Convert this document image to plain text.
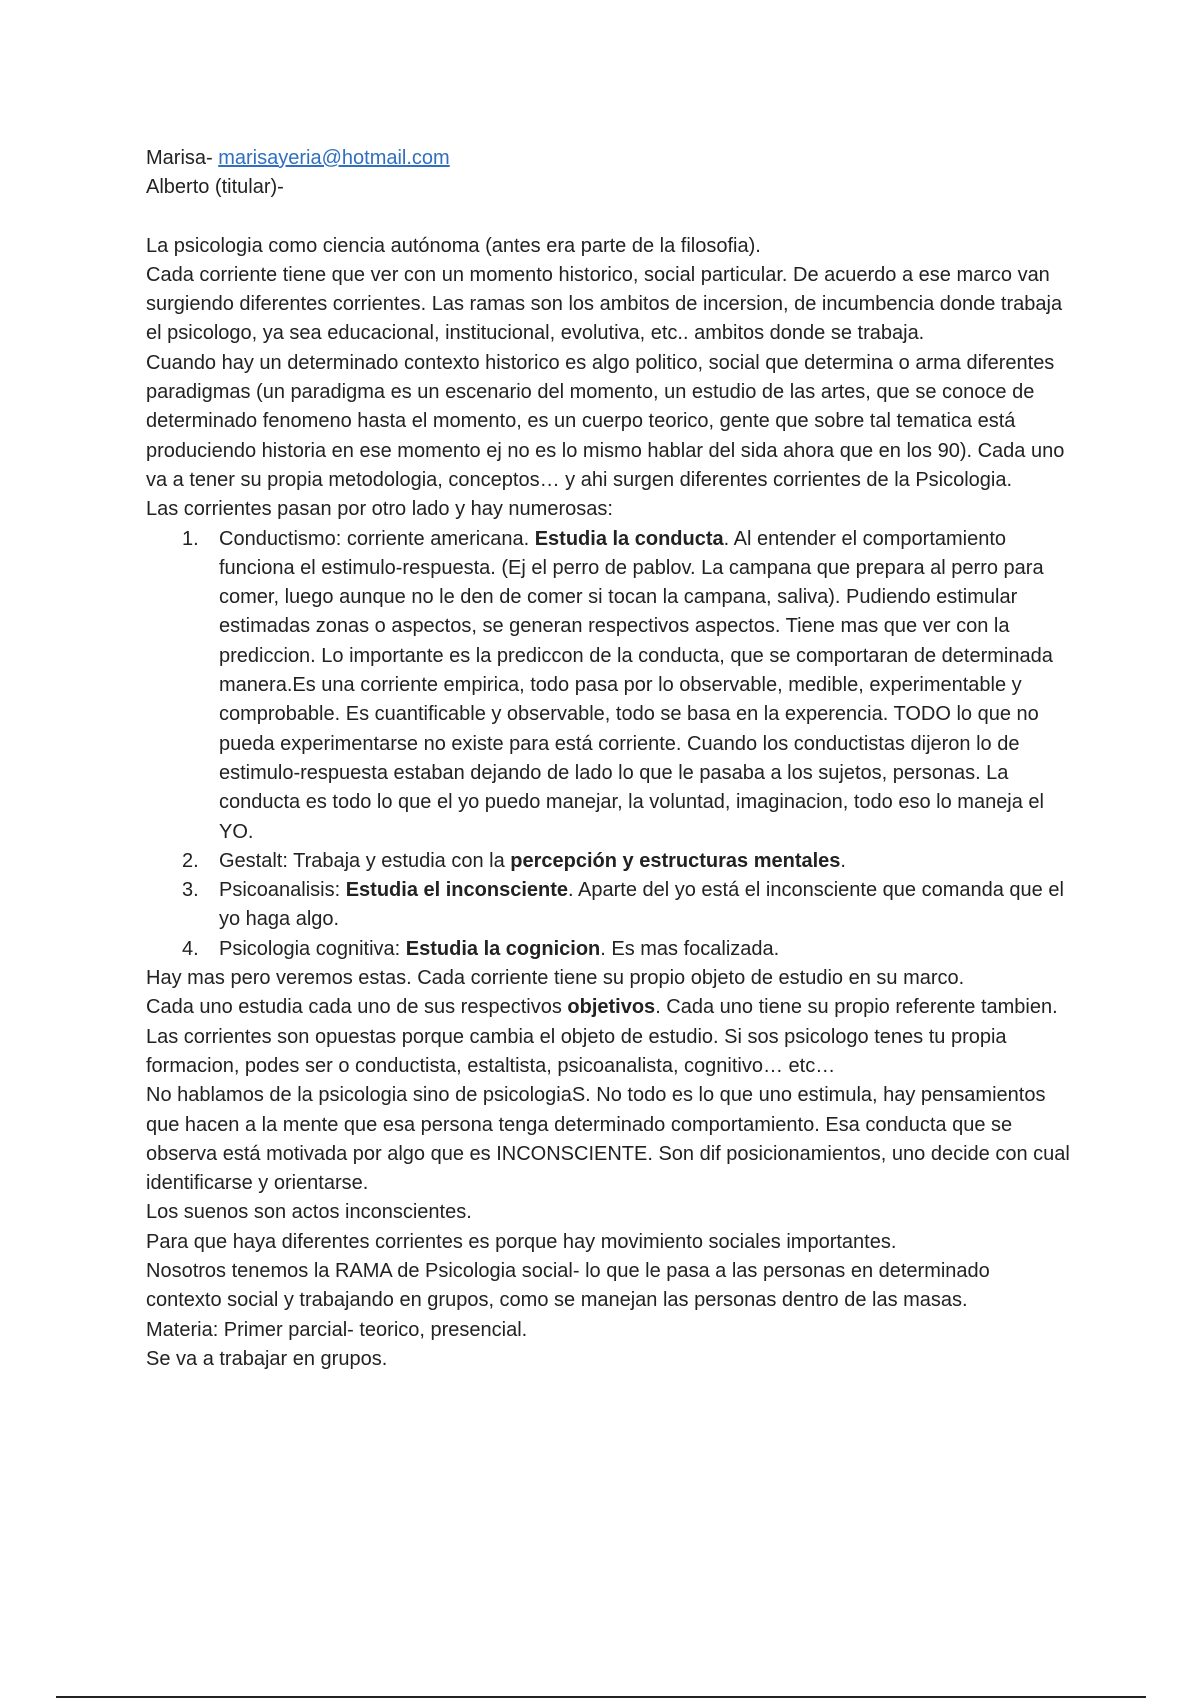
Marisa- marisayeria@hotmail.com

Alberto (titular)-

La psicologia como ciencia autónoma (antes era parte de la filosofia).

Cada corriente tiene que ver con un momento historico, social particular. De acuerdo a ese marco van surgiendo diferentes corrientes. Las ramas son los ambitos de incersion, de incumbencia donde trabaja el psicologo, ya sea educacional, institucional, evolutiva, etc.. ambitos donde se trabaja.

Cuando hay un determinado contexto historico es algo politico, social que determina o arma diferentes paradigmas (un paradigma es un escenario del momento, un estudio de las artes, que se conoce de determinado fenomeno hasta el momento, es un cuerpo teorico, gente que sobre tal tematica está produciendo historia en ese momento ej no es lo mismo hablar del sida ahora que en los 90). Cada uno va a tener su propia metodologia, conceptos… y ahi surgen diferentes corrientes de la Psicologia.

Las corrientes pasan por otro lado y hay numerosas:

1. Conductismo: corriente americana. Estudia la conducta. Al entender el comportamiento funciona el estimulo-respuesta. (Ej el perro de pablov. La campana que prepara al perro para comer, luego aunque no le den de comer si tocan la campana, saliva). Pudiendo estimular estimadas zonas o aspectos, se generan respectivos aspectos. Tiene mas que ver con la prediccion. Lo importante es la prediccon de la conducta, que se comportaran de determinada manera.Es una corriente empirica, todo pasa por lo observable, medible, experimentable y comprobable. Es cuantificable y observable, todo se basa en la experencia. TODO lo que no pueda experimentarse no existe para está corriente. Cuando los conductistas dijeron lo de estimulo-respuesta estaban dejando de lado lo que le pasaba a los sujetos, personas. La conducta es todo lo que el yo puedo manejar, la voluntad, imaginacion, todo eso lo maneja el YO.
2. Gestalt: Trabaja y estudia con la percepción y estructuras mentales.
3. Psicoanalisis: Estudia el inconsciente. Aparte del yo está el inconsciente que comanda que el yo haga algo.
4. Psicologia cognitiva: Estudia la cognicion. Es mas focalizada.

Hay mas pero veremos estas. Cada corriente tiene su propio objeto de estudio en su marco.

Cada uno estudia cada uno de sus respectivos objetivos. Cada uno tiene su propio referente tambien. Las corrientes son opuestas porque cambia el objeto de estudio. Si sos psicologo tenes tu propia formacion, podes ser o conductista, estaltista, psicoanalista, cognitivo… etc…

No hablamos de la psicologia sino de psicologiaS. No todo es lo que uno estimula, hay pensamientos que hacen a la mente que esa persona tenga determinado comportamiento. Esa conducta que se observa está motivada por algo que es INCONSCIENTE. Son dif posicionamientos, uno decide con cual identificarse y orientarse.

Los suenos son actos inconscientes.

Para que haya diferentes corrientes es porque hay movimiento sociales importantes.

Nosotros tenemos la RAMA de Psicologia social- lo que le pasa a las personas en determinado contexto social y trabajando en grupos, como se manejan las personas dentro de las masas.

Materia: Primer parcial- teorico, presencial.

Se va a trabajar en grupos.
